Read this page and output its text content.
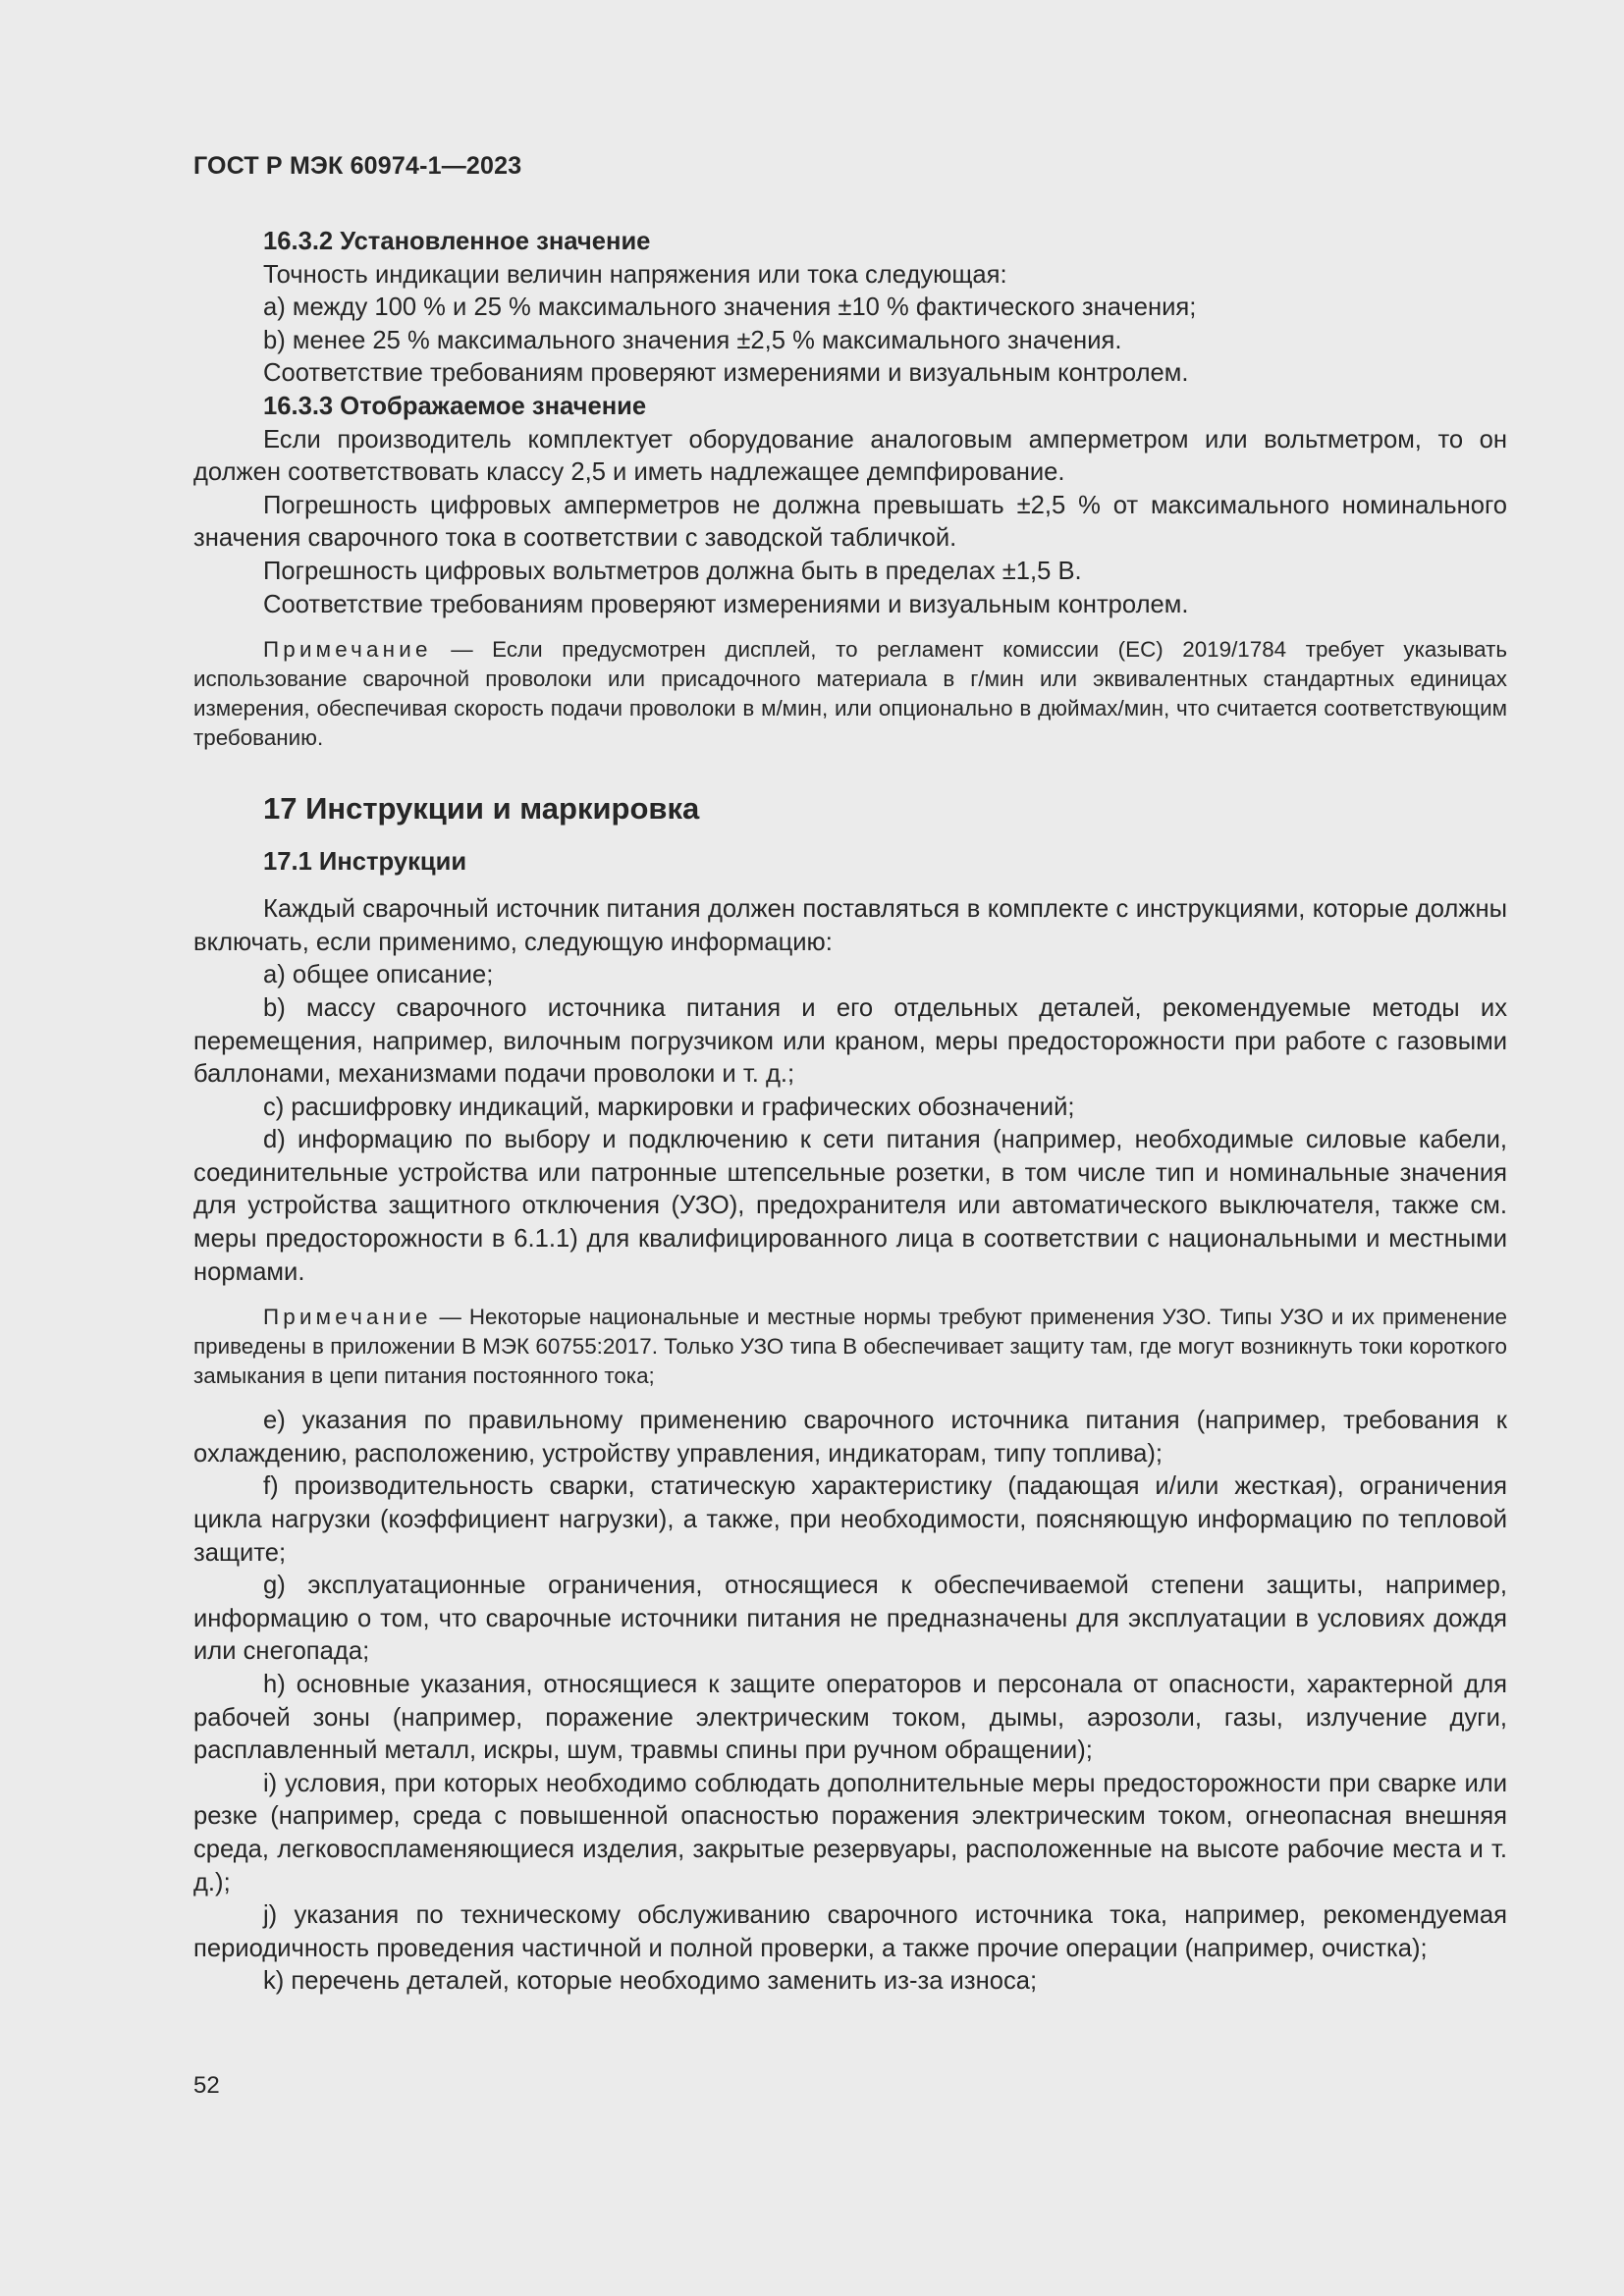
ГОСТ Р МЭК 60974-1—2023

16.3.2 Установленное значение

Точность индикации величин напряжения или тока следующая:

a) между 100 % и 25 % максимального значения ±10 % фактического значения;

b) менее 25 % максимального значения ±2,5 % максимального значения.

Соответствие требованиям проверяют измерениями и визуальным контролем.

16.3.3 Отображаемое значение

Если производитель комплектует оборудование аналоговым амперметром или вольтметром, то он должен соответствовать классу 2,5 и иметь надлежащее демпфирование.

Погрешность цифровых амперметров не должна превышать ±2,5 % от максимального номинального значения сварочного тока в соответствии с заводской табличкой.

Погрешность цифровых вольтметров должна быть в пределах ±1,5 В.

Соответствие требованиям проверяют измерениями и визуальным контролем.

Примечание — Если предусмотрен дисплей, то регламент комиссии (ЕС) 2019/1784 требует указывать использование сварочной проволоки или присадочного материала в г/мин или эквивалентных стандартных единицах измерения, обеспечивая скорость подачи проволоки в м/мин, или опционально в дюймах/мин, что считается соответствующим требованию.

17 Инструкции и маркировка

17.1 Инструкции

Каждый сварочный источник питания должен поставляться в комплекте с инструкциями, которые должны включать, если применимо, следующую информацию:

a) общее описание;

b) массу сварочного источника питания и его отдельных деталей, рекомендуемые методы их перемещения, например, вилочным погрузчиком или краном, меры предосторожности при работе с газовыми баллонами, механизмами подачи проволоки и т. д.;

c) расшифровку индикаций, маркировки и графических обозначений;

d) информацию по выбору и подключению к сети питания (например, необходимые силовые кабели, соединительные устройства или патронные штепсельные розетки, в том числе тип и номинальные значения для устройства защитного отключения (УЗО), предохранителя или автоматического выключателя, также см. меры предосторожности в 6.1.1) для квалифицированного лица в соответствии с национальными и местными нормами.

Примечание — Некоторые национальные и местные нормы требуют применения УЗО. Типы УЗО и их применение приведены в приложении В МЭК 60755:2017. Только УЗО типа В обеспечивает защиту там, где могут возникнуть токи короткого замыкания в цепи питания постоянного тока;

e) указания по правильному применению сварочного источника питания (например, требования к охлаждению, расположению, устройству управления, индикаторам, типу топлива);

f) производительность сварки, статическую характеристику (падающая и/или жесткая), ограничения цикла нагрузки (коэффициент нагрузки), а также, при необходимости, поясняющую информацию по тепловой защите;

g) эксплуатационные ограничения, относящиеся к обеспечиваемой степени защиты, например, информацию о том, что сварочные источники питания не предназначены для эксплуатации в условиях дождя или снегопада;

h) основные указания, относящиеся к защите операторов и персонала от опасности, характерной для рабочей зоны (например, поражение электрическим током, дымы, аэрозоли, газы, излучение дуги, расплавленный металл, искры, шум, травмы спины при ручном обращении);

i) условия, при которых необходимо соблюдать дополнительные меры предосторожности при сварке или резке (например, среда с повышенной опасностью поражения электрическим током, огнеопасная внешняя среда, легковоспламеняющиеся изделия, закрытые резервуары, расположенные на высоте рабочие места и т. д.);

j) указания по техническому обслуживанию сварочного источника тока, например, рекомендуемая периодичность проведения частичной и полной проверки, а также прочие операции (например, очистка);

k) перечень деталей, которые необходимо заменить из-за износа;

52
